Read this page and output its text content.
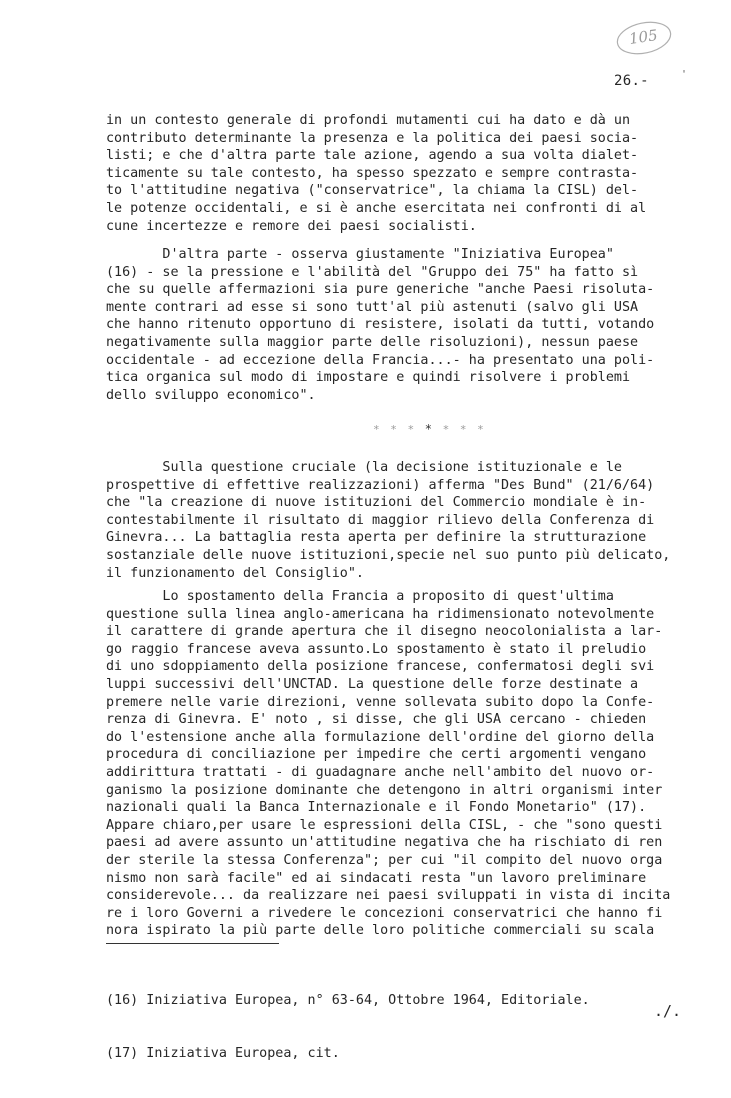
105
26.-	'
in un contesto generale di profondi mutamenti cui ha dato e dà un
contributo determinante la presenza e la politica dei paesi socia-
listi; e che d'altra parte tale azione, agendo a sua volta dialet-
ticamente su tale contesto, ha spesso spezzato e sempre contrasta-
to l'attitudine negativa ("conservatrice", la chiama la CISL) del-
le potenze occidentali, e si è anche esercitata nei confronti di al
cune incertezze e remore dei paesi socialisti.
D'altra parte - osserva giustamente "Iniziativa Europea"
(16) - se la pressione e l'abilità del "Gruppo dei 75" ha fatto sì
che su quelle affermazioni sia pure generiche "anche Paesi risoluta-
mente contrari ad esse si sono tutt'al più astenuti (salvo gli USA
che hanno ritenuto opportuno di resistere, isolati da tutti, votando
negativamente sulla maggior parte delle risoluzioni), nessun paese
occidentale - ad eccezione della Francia...- ha presentato una poli-
tica organica sul modo di impostare e quindi risolvere i problemi
dello sviluppo economico".
* * * * * * *
Sulla questione cruciale (la decisione istituzionale e le
prospettive di effettive realizzazioni) afferma "Des Bund" (21/6/64)
che "la creazione di nuove istituzioni del Commercio mondiale è in-
contestabilmente il risultato di maggior rilievo della Conferenza di
Ginevra... La battaglia resta aperta per definire la strutturazione
sostanziale delle nuove istituzioni,specie nel suo punto più delicato,
il funzionamento del Consiglio".
Lo spostamento della Francia a proposito di quest'ultima
questione sulla linea anglo-americana ha ridimensionato notevolmente
il carattere di grande apertura che il disegno neocolonialista a lar-
go raggio francese aveva assunto.Lo spostamento è stato il preludio
di uno sdoppiamento della posizione francese, confermatosi degli svi
luppi successivi dell'UNCTAD. La questione delle forze destinate a
premere nelle varie direzioni, venne sollevata subito dopo la Confe-
renza di Ginevra. E' noto , si disse, che gli USA cercano - chieden
do l'estensione anche alla formulazione dell'ordine del giorno della
procedura di conciliazione per impedire che certi argomenti vengano
addirittura trattati - di guadagnare anche nell'ambito del nuovo or-
ganismo la posizione dominante che detengono in altri organismi inter
nazionali quali la Banca Internazionale e il Fondo Monetario" (17).
Appare chiaro,per usare le espressioni della CISL, - che "sono questi
paesi ad avere assunto un'attitudine negativa che ha rischiato di ren
der sterile la stessa Conferenza"; per cui "il compito del nuovo orga
nismo non sarà facile" ed ai sindacati resta "un lavoro preliminare
considerevole... da realizzare nei paesi sviluppati in vista di incita
re i loro Governi a rivedere le concezioni conservatrici che hanno fi
nora ispirato la più parte delle loro politiche commerciali su scala

(16) Iniziativa Europea, n° 63-64, Ottobre 1964, Editoriale.

(17) Iniziativa Europea, cit.

./.
